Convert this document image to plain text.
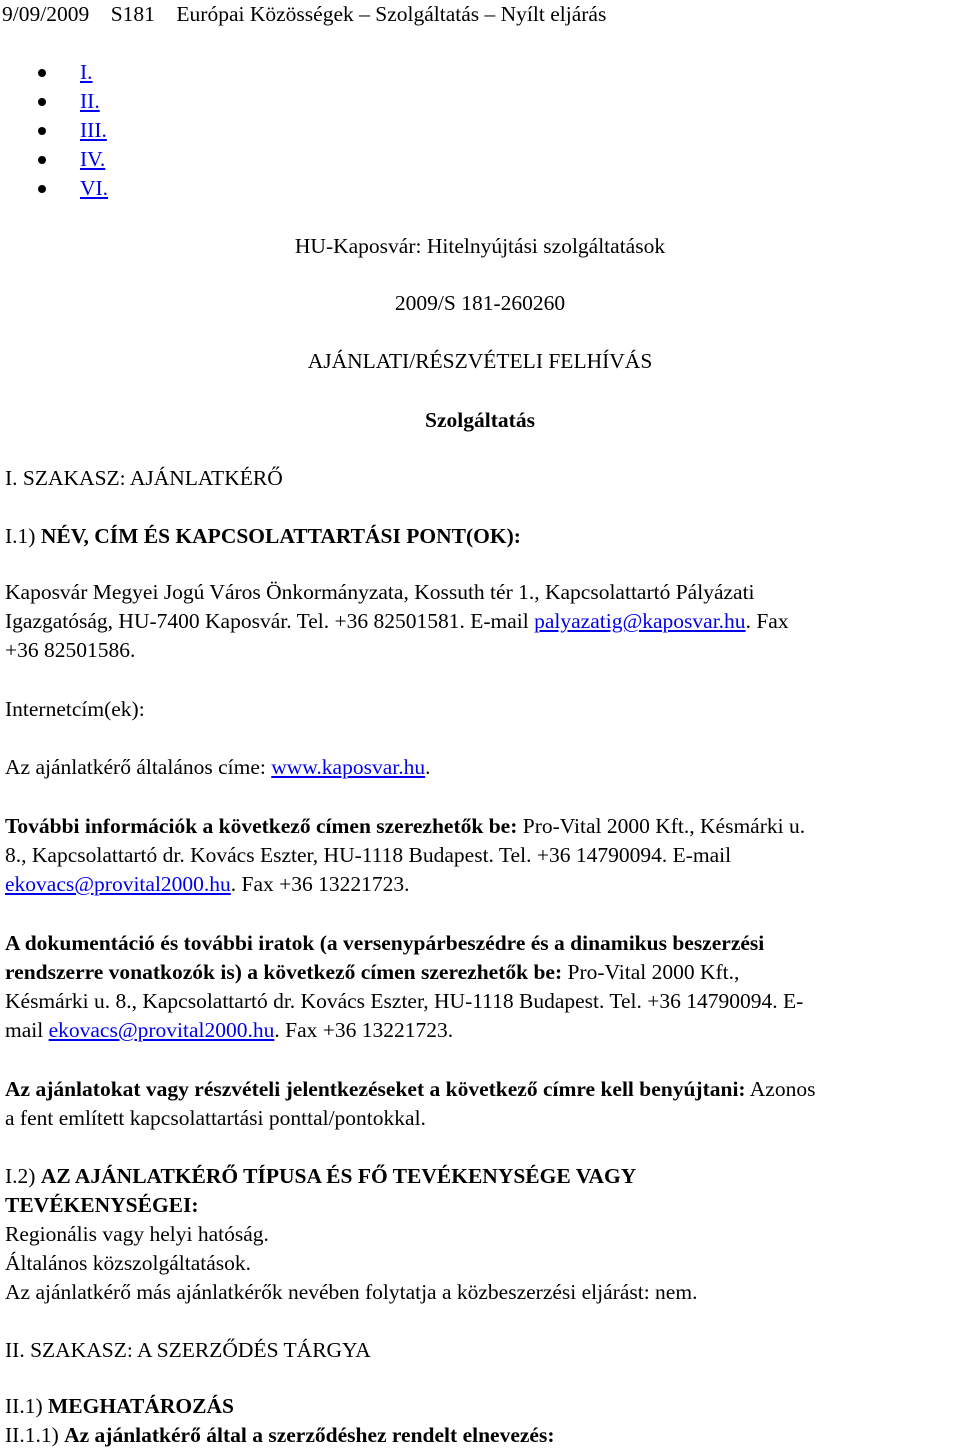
9/09/2009 S181 Európai Közösségek – Szolgáltatás – Nyílt eljárás
I.
II.
III.
IV.
VI.
HU-Kaposvár: Hitelnyújtási szolgáltatások
2009/S 181-260260
AJÁNLATI/RÉSZVÉTELI FELHÍVÁS
Szolgáltatás
I. SZAKASZ: AJÁNLATKÉRŐ
I.1) NÉV, CÍM ÉS KAPCSOLATTARTÁSI PONT(OK):
Kaposvár Megyei Jogú Város Önkormányzata, Kossuth tér 1., Kapcsolattartó Pályázati
Igazgatóság, HU-7400 Kaposvár. Tel. +36 82501581. E-mail palyazatig@kaposvar.hu. Fax
+36 82501586.
Internetcím(ek):
Az ajánlatkérő általános címe: www.kaposvar.hu.
További információk a következő címen szerezhetők be: Pro-Vital 2000 Kft., Késmárki u.
8., Kapcsolattartó dr. Kovács Eszter, HU-1118 Budapest. Tel. +36 14790094. E-mail
ekovacs@provital2000.hu. Fax +36 13221723.
A dokumentáció és további iratok (a versenypárbeszédre és a dinamikus beszerzési
rendszerre vonatkozók is) a következő címen szerezhetők be: Pro-Vital 2000 Kft.,
Késmárki u. 8., Kapcsolattartó dr. Kovács Eszter, HU-1118 Budapest. Tel. +36 14790094. E-
mail ekovacs@provital2000.hu. Fax +36 13221723.
Az ajánlatokat vagy részvételi jelentkezéseket a következő címre kell benyújtani: Azonos
a fent említett kapcsolattartási ponttal/pontokkal.
I.2) AZ AJÁNLATKÉRŐ TÍPUSA ÉS FŐ TEVÉKENYSÉGE VAGY
TEVÉKENYSÉGEI:
Regionális vagy helyi hatóság.
Általános közszolgáltatások.
Az ajánlatkérő más ajánlatkérők nevében folytatja a közbeszerzési eljárást: nem.
II. SZAKASZ: A SZERZŐDÉS TÁRGYA
II.1) MEGHATÁROZÁS
II.1.1) Az ajánlatkérő által a szerződéshez rendelt elnevezés:
